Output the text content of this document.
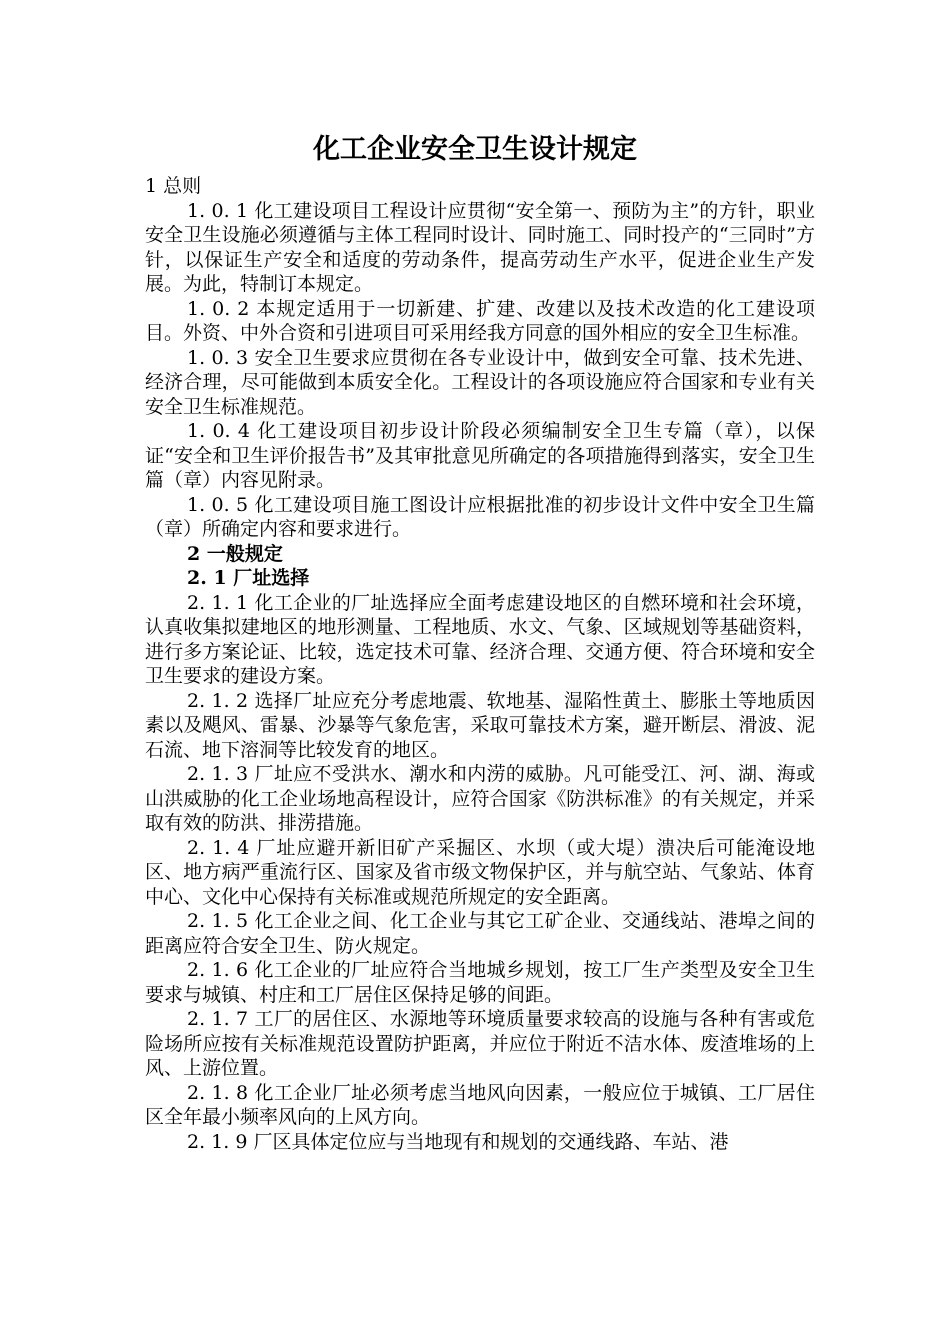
化工企业安全卫生设计规定

1 总则

1. 0. 1 化工建设项目工程设计应贯彻“安全第一、预防为主”的方针，职业安全卫生设施必须遵循与主体工程同时设计、同时施工、同时投产的“三同时”方针，以保证生产安全和适度的劳动条件，提高劳动生产水平，促进企业生产发展。为此，特制订本规定。

1. 0. 2 本规定适用于一切新建、扩建、改建以及技术改造的化工建设项目。外资、中外合资和引进项目可采用经我方同意的国外相应的安全卫生标准。

1. 0. 3 安全卫生要求应贯彻在各专业设计中，做到安全可靠、技术先进、经济合理，尽可能做到本质安全化。工程设计的各项设施应符合国家和专业有关安全卫生标准规范。

1. 0. 4 化工建设项目初步设计阶段必须编制安全卫生专篇（章），以保证“安全和卫生评价报告书”及其审批意见所确定的各项措施得到落实，安全卫生篇（章）内容见附录。

1. 0. 5 化工建设项目施工图设计应根据批准的初步设计文件中安全卫生篇（章）所确定内容和要求进行。

2 一般规定

2. 1 厂址选择

2. 1. 1 化工企业的厂址选择应全面考虑建设地区的自燃环境和社会环境，认真收集拟建地区的地形测量、工程地质、水文、气象、区域规划等基础资料，进行多方案论证、比较，选定技术可靠、经济合理、交通方便、符合环境和安全卫生要求的建设方案。

2. 1. 2 选择厂址应充分考虑地震、软地基、湿陷性黄土、膨胀土等地质因素以及飓风、雷暴、沙暴等气象危害，采取可靠技术方案，避开断层、滑波、泥石流、地下溶洞等比较发育的地区。

2. 1. 3 厂址应不受洪水、潮水和内涝的威胁。凡可能受江、河、湖、海或山洪威胁的化工企业场地高程设计，应符合国家《防洪标准》的有关规定，并采取有效的防洪、排涝措施。

2. 1. 4 厂址应避开新旧矿产采掘区、水坝（或大堤）溃决后可能淹设地区、地方病严重流行区、国家及省市级文物保护区，并与航空站、气象站、体育中心、文化中心保持有关标准或规范所规定的安全距离。

2. 1. 5 化工企业之间、化工企业与其它工矿企业、交通线站、港埠之间的距离应符合安全卫生、防火规定。

2. 1. 6 化工企业的厂址应符合当地城乡规划，按工厂生产类型及安全卫生要求与城镇、村庄和工厂居住区保持足够的间距。

2. 1. 7 工厂的居住区、水源地等环境质量要求较高的设施与各种有害或危险场所应按有关标准规范设置防护距离，并应位于附近不洁水体、废渣堆场的上风、上游位置。

2. 1. 8 化工企业厂址必须考虑当地风向因素，一般应位于城镇、工厂居住区全年最小频率风向的上风方向。

2. 1. 9 厂区具体定位应与当地现有和规划的交通线路、车站、港
